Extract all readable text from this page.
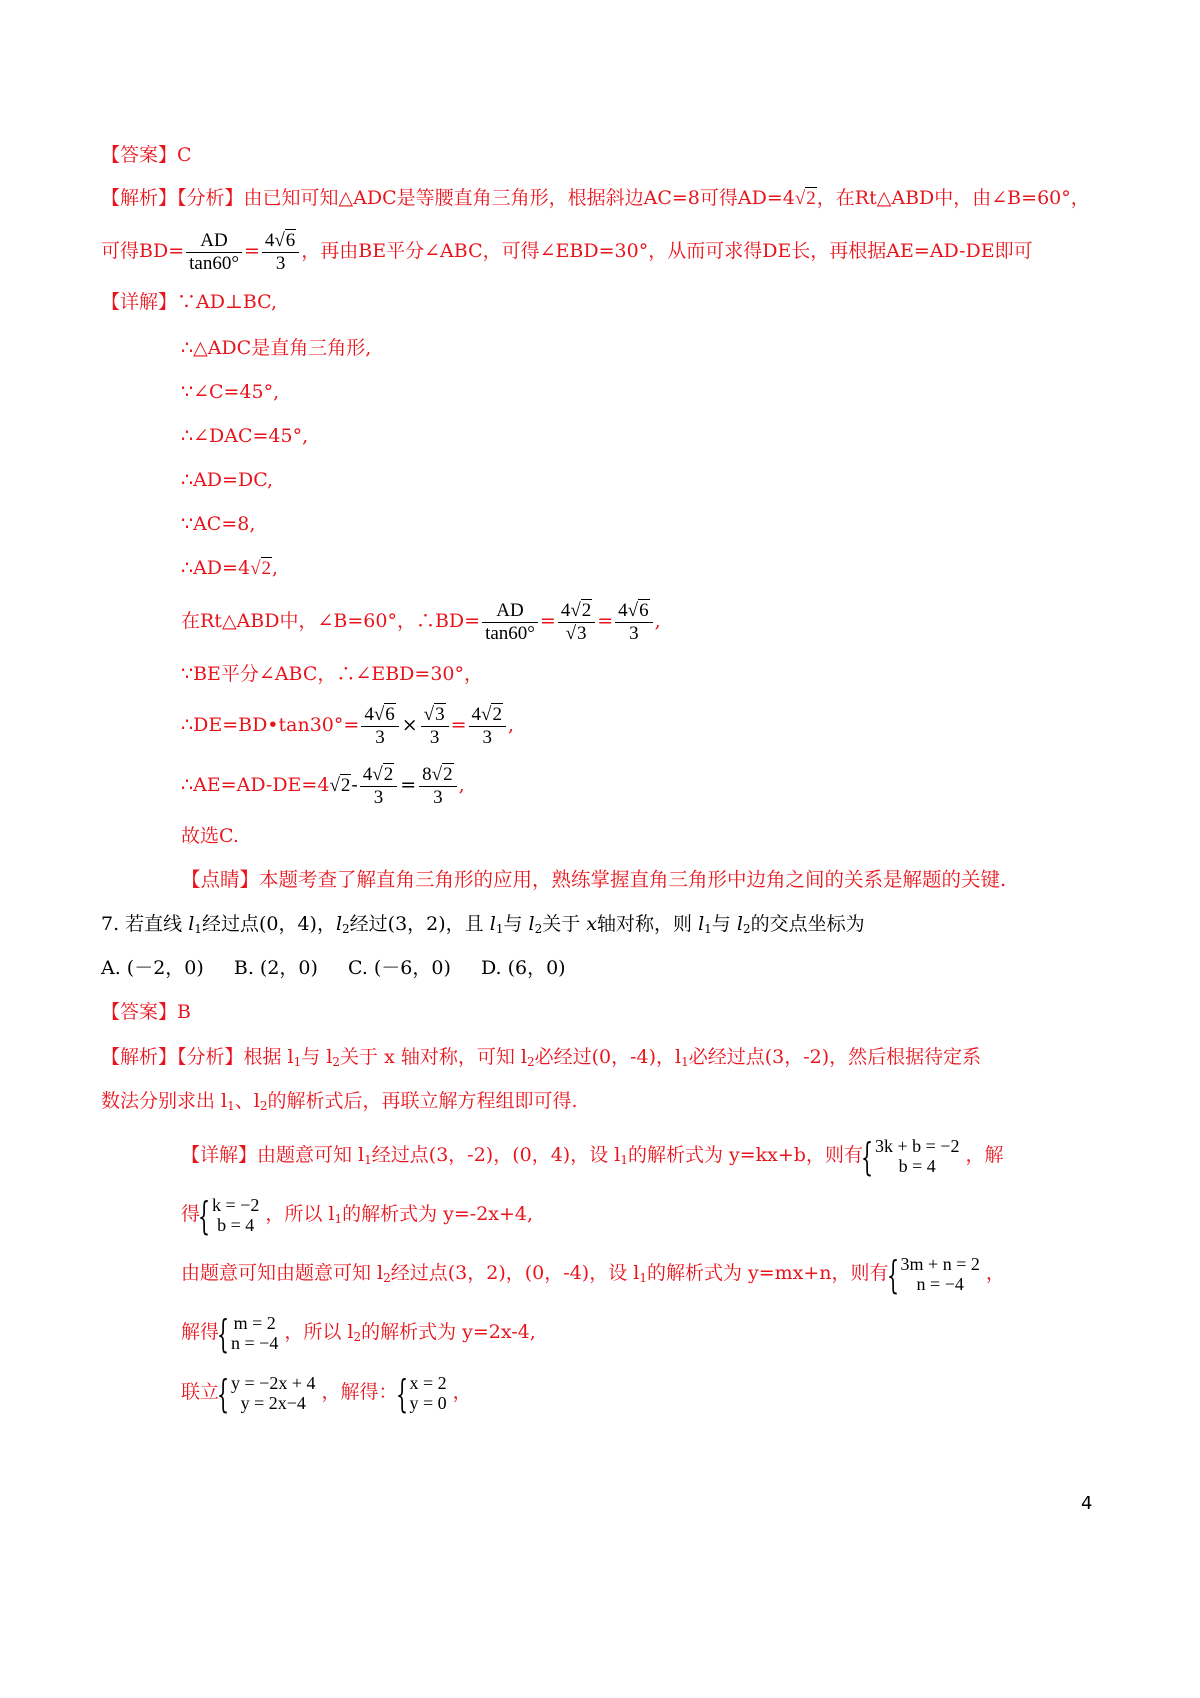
【答案】C
【解析】【分析】由已知可知△ADC是等腰直角三角形，根据斜边AC=8可得AD=4√2，在Rt△ABD中，由∠B=60°，
可得$BD= \frac{AD}{\tan 60^\circ} = \frac{4√6}{3}$ ，再由BE平分∠ABC，可得∠EBD=30°，从而可求得DE长，再根据AE=AD-DE即可
【详解】∵AD⊥BC,
∴△ADC是直角三角形,
∵∠C=45°,
∴∠DAC=45°,
∴AD=DC,
∵AC=8,
∴AD=4√2,
在Rt△ABD中，∠B=60°，∴BD= $\frac{AD}{\tan 60^\circ} = \frac{4√2}{√3} = \frac{4√6}{3}$ ,
∵BE平分∠ABC，∴∠EBD=30°，
∴DE=BD•tan30°= $\frac{4√6}{3} \times \frac{√3}{3} = \frac{4√2}{3}$ ,
∴AE=AD-DE=4√2- $\frac{4√2}{3} = \frac{8√2}{3}$ ,
故选C.
【点睛】本题考查了解直角三角形的应用，熟练掌握直角三角形中边角之间的关系是解题的关键.
7. 若直线 $l_1$经过点(0，4)，$l_2$经过(3，2)，且 $l_1$与 $l_2$关于 x轴对称，则 $l_1$与 $l_2$的交点坐标为
A. (－2，0) B. (2，0) C. (－6，0) D. (6，0)
【答案】B
【解析】【分析】根据 $l_1$与 $l_2$关于 x 轴对称，可知 $l_2$必经过(0，-4)，$l_1$必经过点(3，-2)，然后根据待定系
数法分别求出 $l_1$、$l_2$的解析式后，再联立解方程组即可得.
【详解】由题意可知 $l_1$经过点(3，-2)，(0，4)，设 $l_1$的解析式为 y=kx+b，则有
{ 3k + b = −2
b = 4	，解
得
{ k = −2
b = 4 ，所以 $l_1$的解析式为 y=-2x+4,
由题意可知由题意可知 $l_2$经过点(3，2)，(0，-4)，设 $l_1$的解析式为 y=mx+n，则有
{ 3m + n = 2
n = −4	，
解得
{ m = 2
n = −4 ，所以 $l_2$的解析式为 y=2x-4,
联立
{ y = −2x + 4
y = 2x−4 ，解得：
{ x = 2
y = 0 ，
4
